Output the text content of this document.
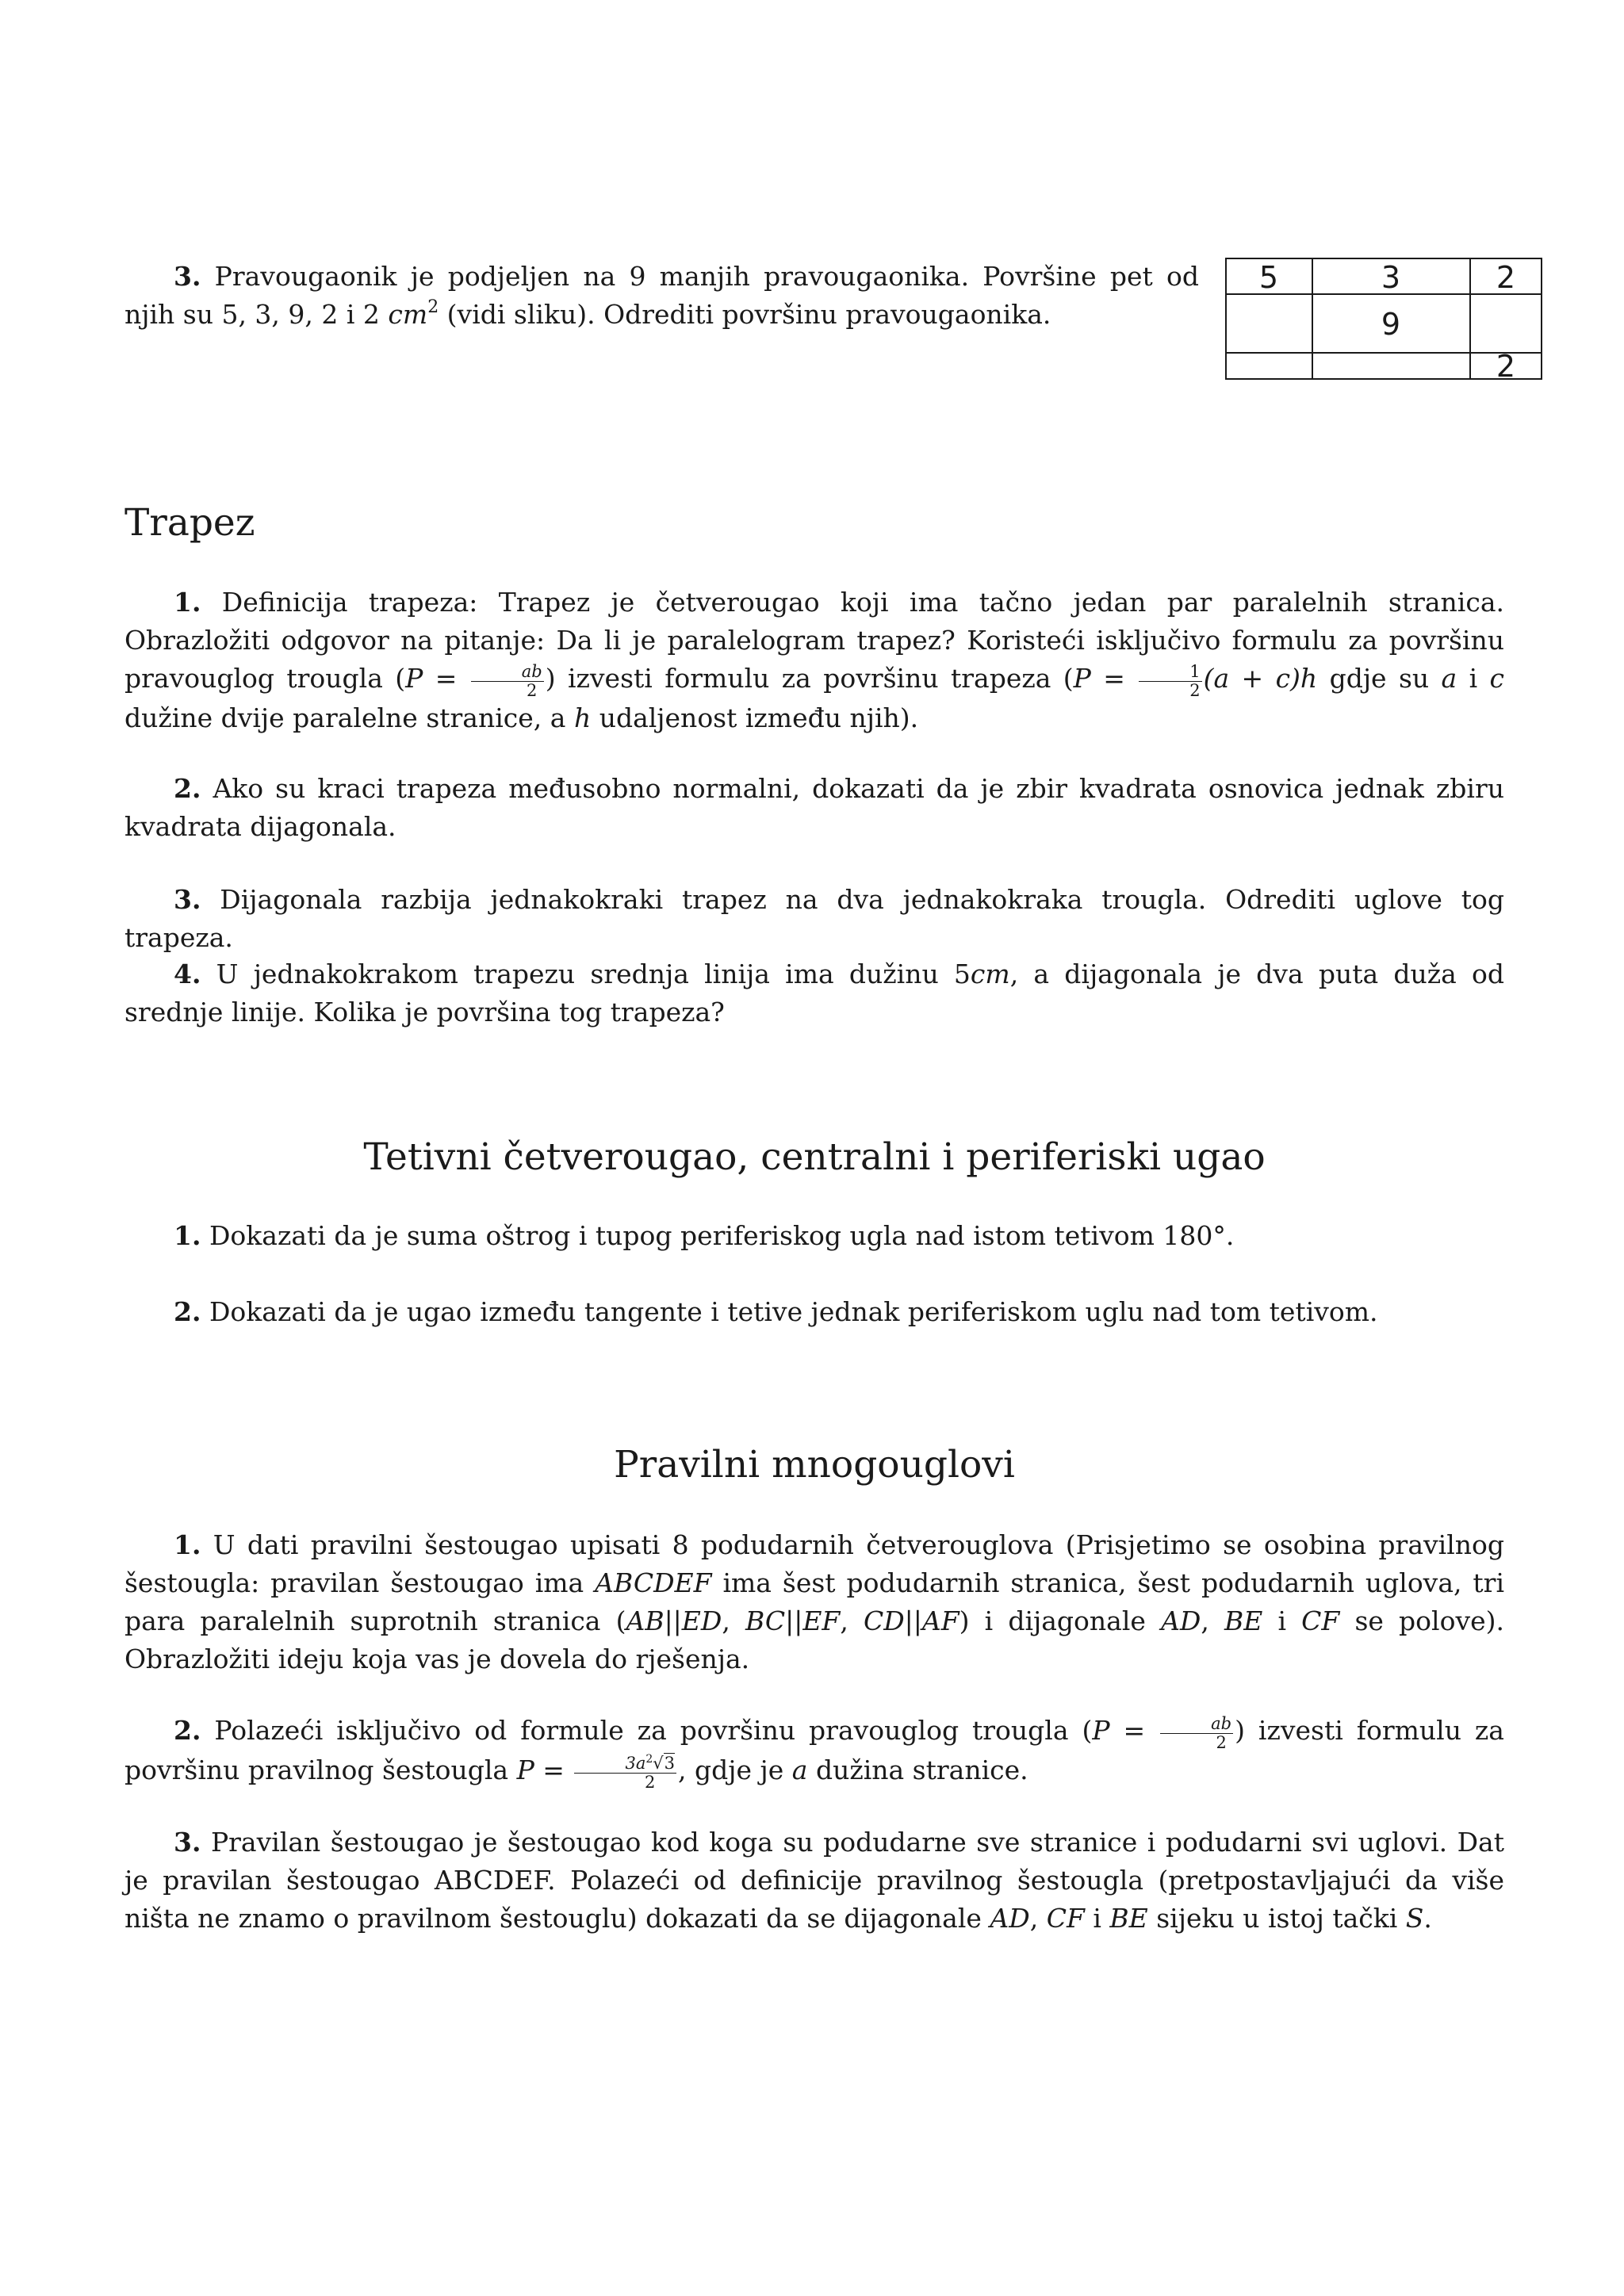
3. Pravougaonik je podjeljen na 9 manjih pravougaonika. Površine pet od njih su 5, 3, 9, 2 i 2 $cm^2$ (vidi sliku). Odrediti površinu pravougaonika.

5	3	2
9
2
Trapez

1. Definicija trapeza: Trapez je četverougao koji ima tačno jedan par paralelnih stranica. Obrazložiti odgovor na pitanje: Da li je paralelogram trapez? Koristeći isključivo formulu za površinu pravouglog trougla ($P = \frac{ab}{2}$ ) izvesti formulu za površinu trapeza ($P = \frac{1}{2} (a + c)h$ gdje su a i c dužine dvije paralelne stranice, a h udaljenost između njih).

2. Ako su kraci trapeza međusobno normalni, dokazati da je zbir kvadrata osnovica jednak zbiru kvadrata dijagonala.

3. Dijagonala razbija jednakokraki trapez na dva jednakokraka trougla. Odrediti uglove tog trapeza.

4. U jednakokrakom trapezu srednja linija ima dužinu 5cm, a dijagonala je dva puta duža od srednje linije. Kolika je površina tog trapeza?

Tetivni četverougao, centralni i periferiski ugao

1. Dokazati da je suma oštrog i tupog periferiskog ugla nad istom tetivom 180°.

2. Dokazati da je ugao između tangente i tetive jednak periferiskom uglu nad tom tetivom.

Pravilni mnogouglovi

1. U dati pravilni šestougao upisati 8 podudarnih četverouglova (Prisjetimo se osobina pravilnog šestougla: pravilan šestougao ima ABCDEF ima šest podudarnih stranica, šest podudarnih uglova, tri para paralelnih suprotnih stranica (AB||ED, BC||EF, CD||AF) i dijagonale AD, BE i CF se polove). Obrazložiti ideju koja vas je dovela do rješenja.

2. Polazeći isključivo od formule za površinu pravouglog trougla ($P = \frac{ab}{2}$ ) izvesti formulu za površinu pravilnog šestougla $P = \frac{3a^2√3}{2}$ , gdje je a dužina stranice.

3. Pravilan šestougao je šestougao kod koga su podudarne sve stranice i podudarni svi uglovi. Dat je pravilan šestougao ABCDEF. Polazeći od definicije pravilnog šestougla (pretpostavljajući da više ništa ne znamo o pravilnom šestouglu) dokazati da se dijagonale AD, CF i BE sijeku u istoj tački S.
